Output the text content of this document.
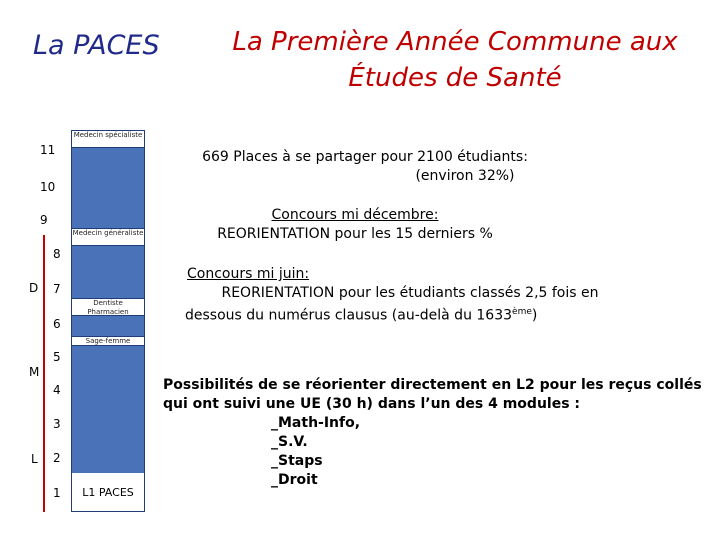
La PACES	La Première Année Commune aux
Études de Santé
11
10
9
8
7
6
5
4
3
2
1
D
M
L
Medecin spécialiste
Medecin généraliste
Dentiste Pharmacien
Sage-femme
L1 PACES
669 Places à se partager pour 2100 étudiants:
(environ 32%)
Concours mi décembre:
REORIENTATION pour les 15 derniers %
Concours mi juin:
REORIENTATION pour les étudiants classés 2,5 fois en
dessous du numérus clausus (au-delà du 1633ème)
Possibilités de se réorienter directement en L2 pour les reçus collés
qui ont suivi une UE (30 h) dans l’un des 4 modules :
_Math-Info,
_S.V.
_Staps
_Droit
